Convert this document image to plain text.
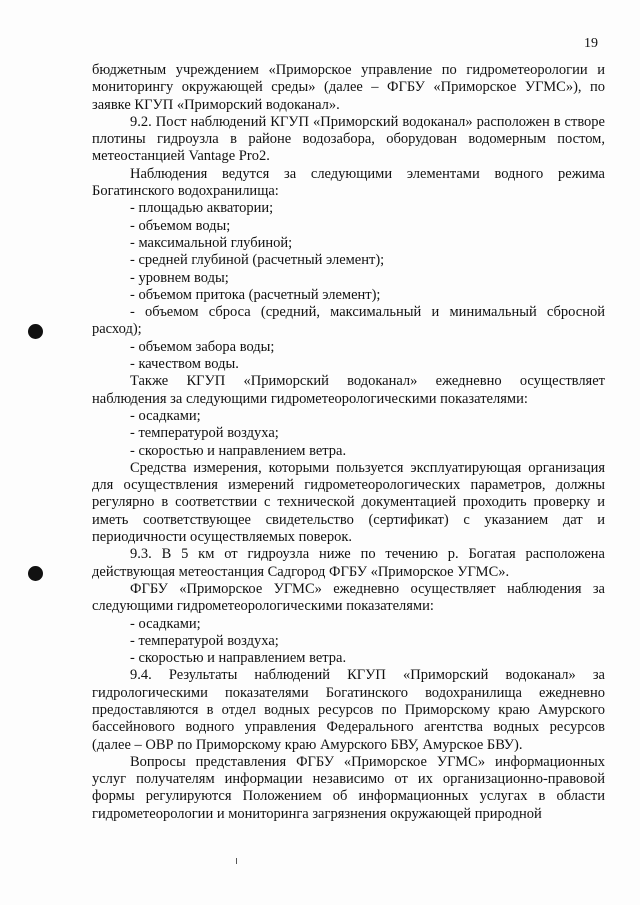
19

бюджетным учреждением «Приморское управление по гидрометеорологии и мониторингу окружающей среды» (далее – ФГБУ «Приморское УГМС»), по заявке КГУП «Приморский водоканал».

9.2. Пост наблюдений КГУП «Приморский водоканал» расположен в створе плотины гидроузла в районе водозабора, оборудован водомерным постом, метеостанцией Vantage Pro2.

Наблюдения ведутся за следующими элементами водного режима Богатинского водохранилища:

- площадью акватории;

- объемом воды;

- максимальной глубиной;

- средней глубиной (расчетный элемент);

- уровнем воды;

- объемом притока (расчетный элемент);

- объемом сброса (средний, максимальный и минимальный сбросной расход);

- объемом забора воды;

- качеством воды.

Также КГУП «Приморский водоканал» ежедневно осуществляет наблюдения за следующими гидрометеорологическими показателями:

- осадками;

- температурой воздуха;

- скоростью и направлением ветра.

Средства измерения, которыми пользуется эксплуатирующая организация для осуществления измерений гидрометеорологических параметров, должны регулярно в соответствии с технической документацией проходить проверку и иметь соответствующее свидетельство (сертификат) с указанием дат и периодичности осуществляемых поверок.

9.3. В 5 км от гидроузла ниже по течению р. Богатая расположена действующая метеостанция Садгород ФГБУ «Приморское УГМС».

ФГБУ «Приморское УГМС» ежедневно осуществляет наблюдения за следующими гидрометеорологическими показателями:

- осадками;

- температурой воздуха;

- скоростью и направлением ветра.

9.4. Результаты наблюдений КГУП «Приморский водоканал» за гидрологическими показателями Богатинского водохранилища ежедневно предоставляются в отдел водных ресурсов по Приморскому краю Амурского бассейнового водного управления Федерального агентства водных ресурсов (далее – ОВР по Приморскому краю Амурского БВУ, Амурское БВУ).

Вопросы представления ФГБУ «Приморское УГМС» информационных услуг получателям информации независимо от их организационно-правовой формы регулируются Положением об информационных услугах в области гидрометеорологии и мониторинга загрязнения окружающей природной
